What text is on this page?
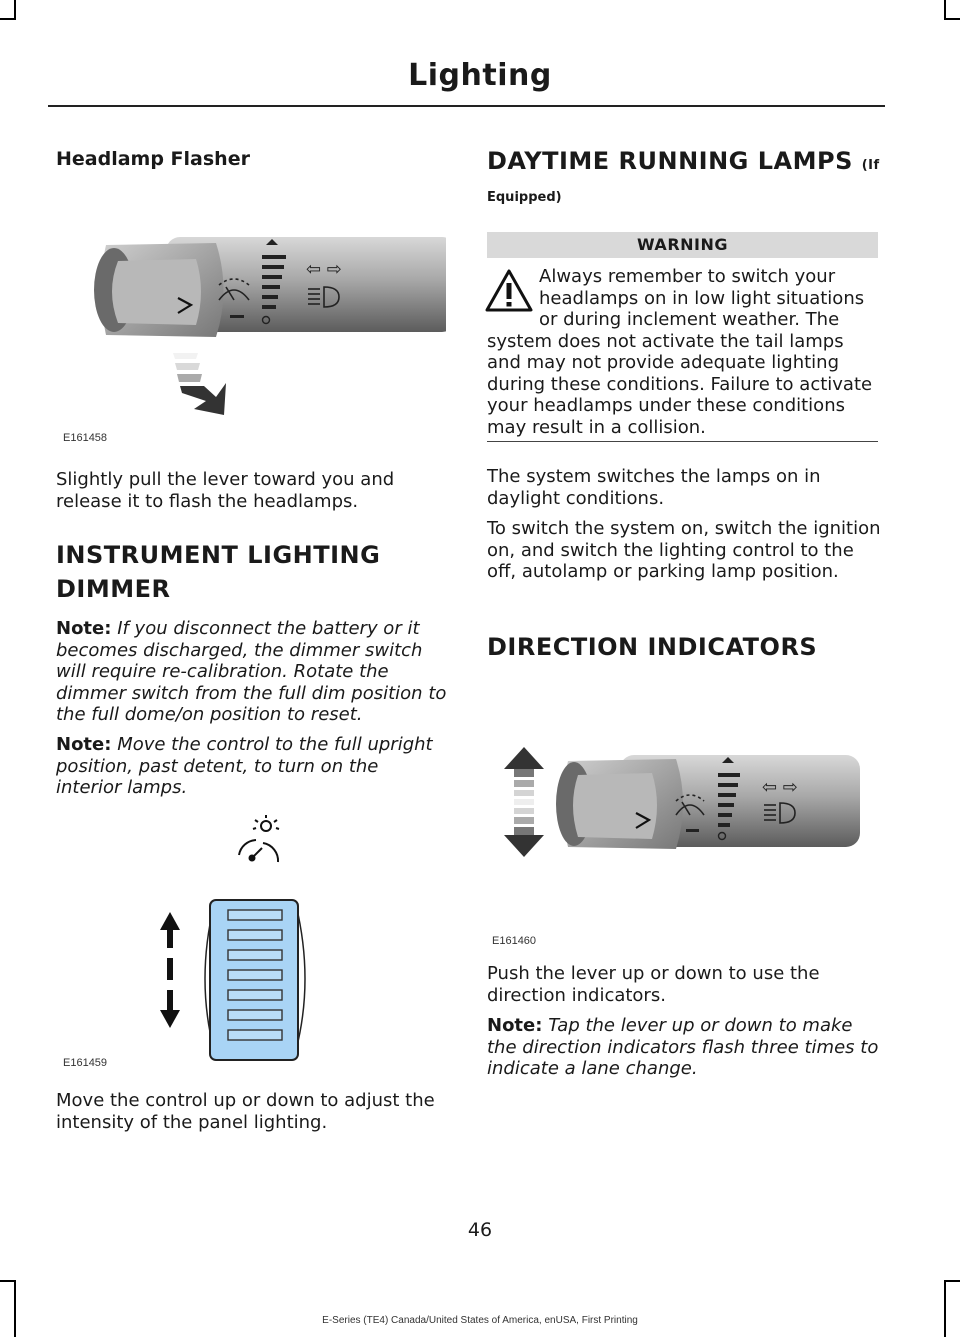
Lighting
Headlamp Flasher
⇦ ⇨
E161458
Slightly pull the lever toward you and release it to flash the headlamps.
INSTRUMENT LIGHTING
DIMMER
Note: If you disconnect the battery or it becomes discharged, the dimmer switch will require re-calibration. Rotate the dimmer switch from the full dim position to the full dome/on position to reset.
Note: Move the control to the full upright position, past detent, to turn on the interior lamps.
E161459
Move the control up or down to adjust the intensity of the panel lighting.
DAYTIME RUNNING LAMPS (If
Equipped)
WARNING
Always remember to switch your headlamps on in low light situations or during inclement weather. The system does not activate the tail lamps and may not provide adequate lighting during these conditions. Failure to activate your headlamps under these conditions may result in a collision.
The system switches the lamps on in daylight conditions.
To switch the system on, switch the ignition on, and switch the lighting control to the off, autolamp or parking lamp position.
DIRECTION INDICATORS
⇦ ⇨
E161460
Push the lever up or down to use the direction indicators.
Note: Tap the lever up or down to make the direction indicators flash three times to indicate a lane change.
46
E-Series (TE4) Canada/United States of America, enUSA, First Printing
